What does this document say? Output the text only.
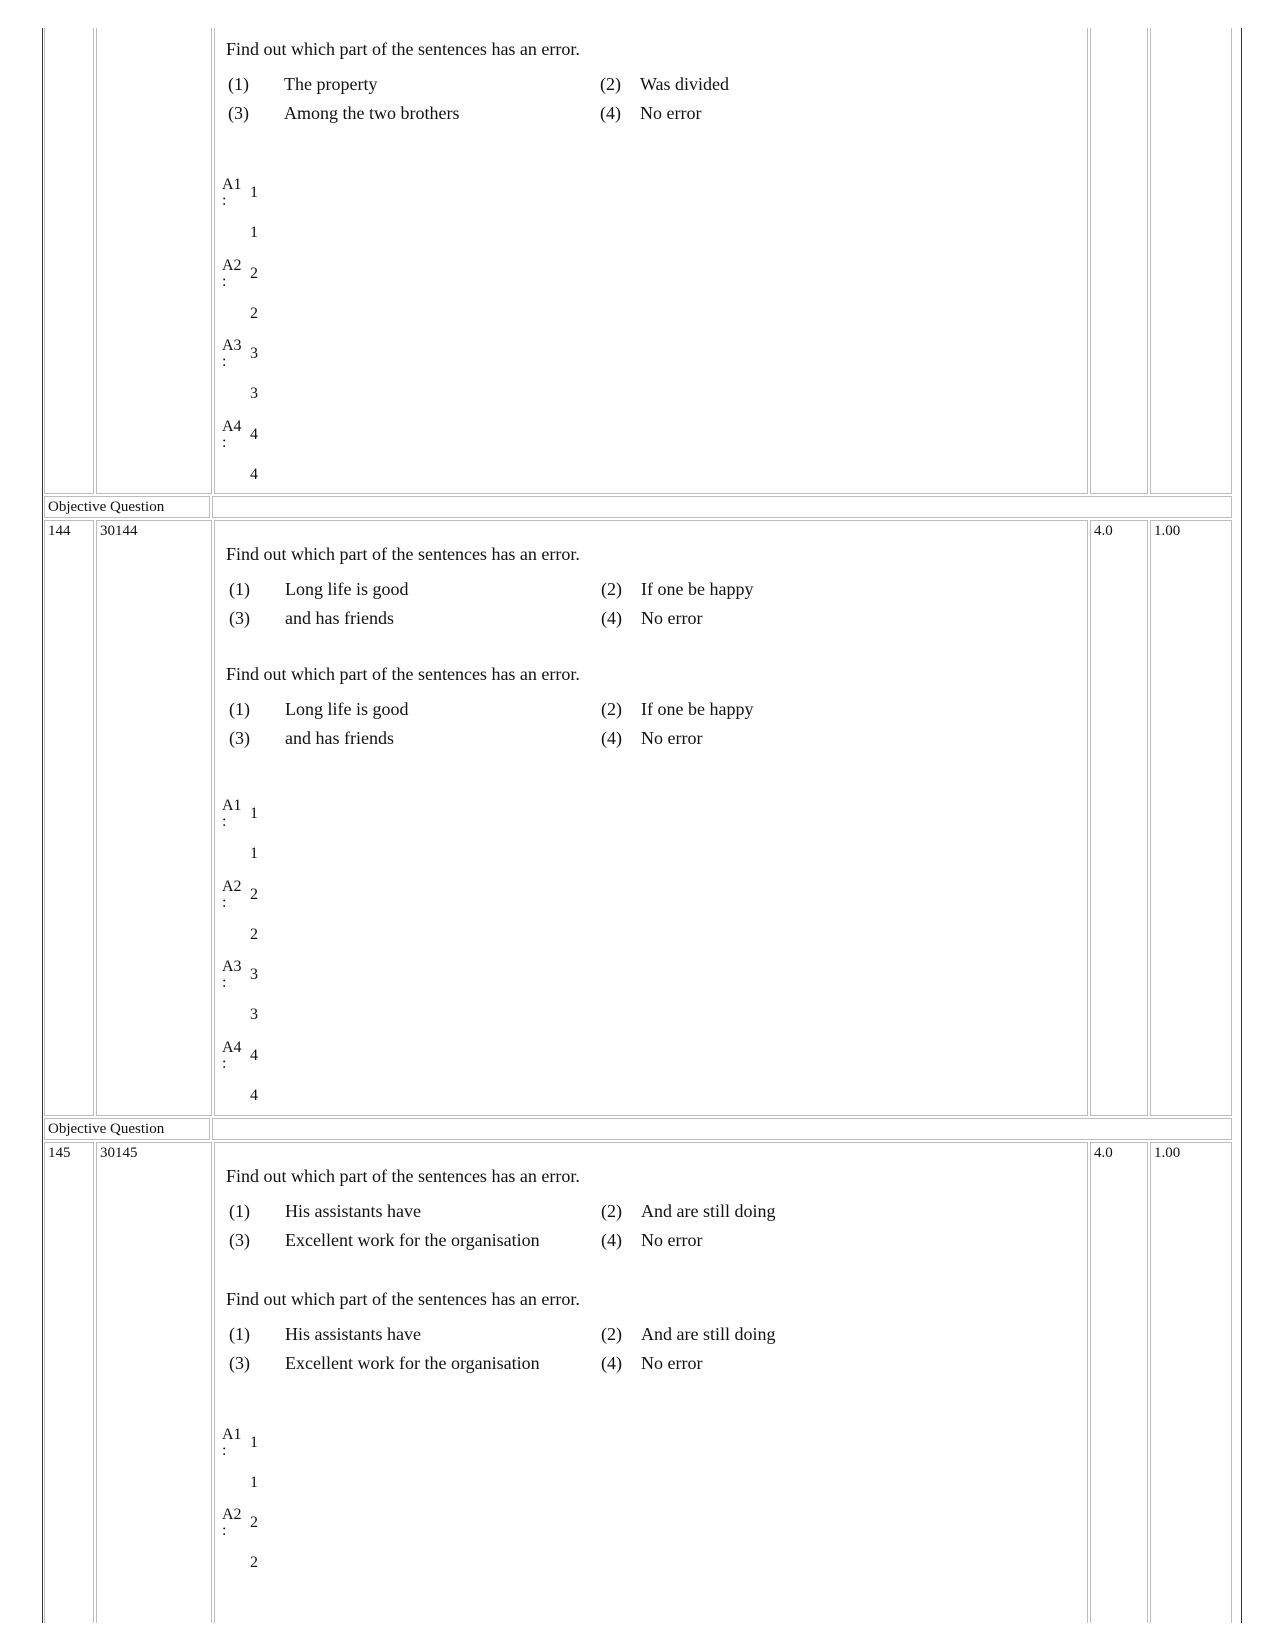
Find out which part of the sentences has an error.
(1) The property	(2) Was divided
(3) Among the two brothers	(4) No error
A1
: 1
1
A2
: 2
2
A3
: 3
3
A4
: 4
4
Objective Question
144	30144	4.0	1.00
Find out which part of the sentences has an error.
(1) Long life is good	(2) If one be happy
(3) and has friends	(4) No error
Find out which part of the sentences has an error.
(1) Long life is good	(2) If one be happy
(3) and has friends	(4) No error
A1
: 1
1
A2
: 2
2
A3
: 3
3
A4
: 4
4
Objective Question
145	30145	4.0	1.00
Find out which part of the sentences has an error.
(1) His assistants have	(2) And are still doing
(3) Excellent work for the organisation	(4) No error
Find out which part of the sentences has an error.
(1) His assistants have	(2) And are still doing
(3) Excellent work for the organisation	(4) No error
A1
: 1
1
A2
: 2
2
